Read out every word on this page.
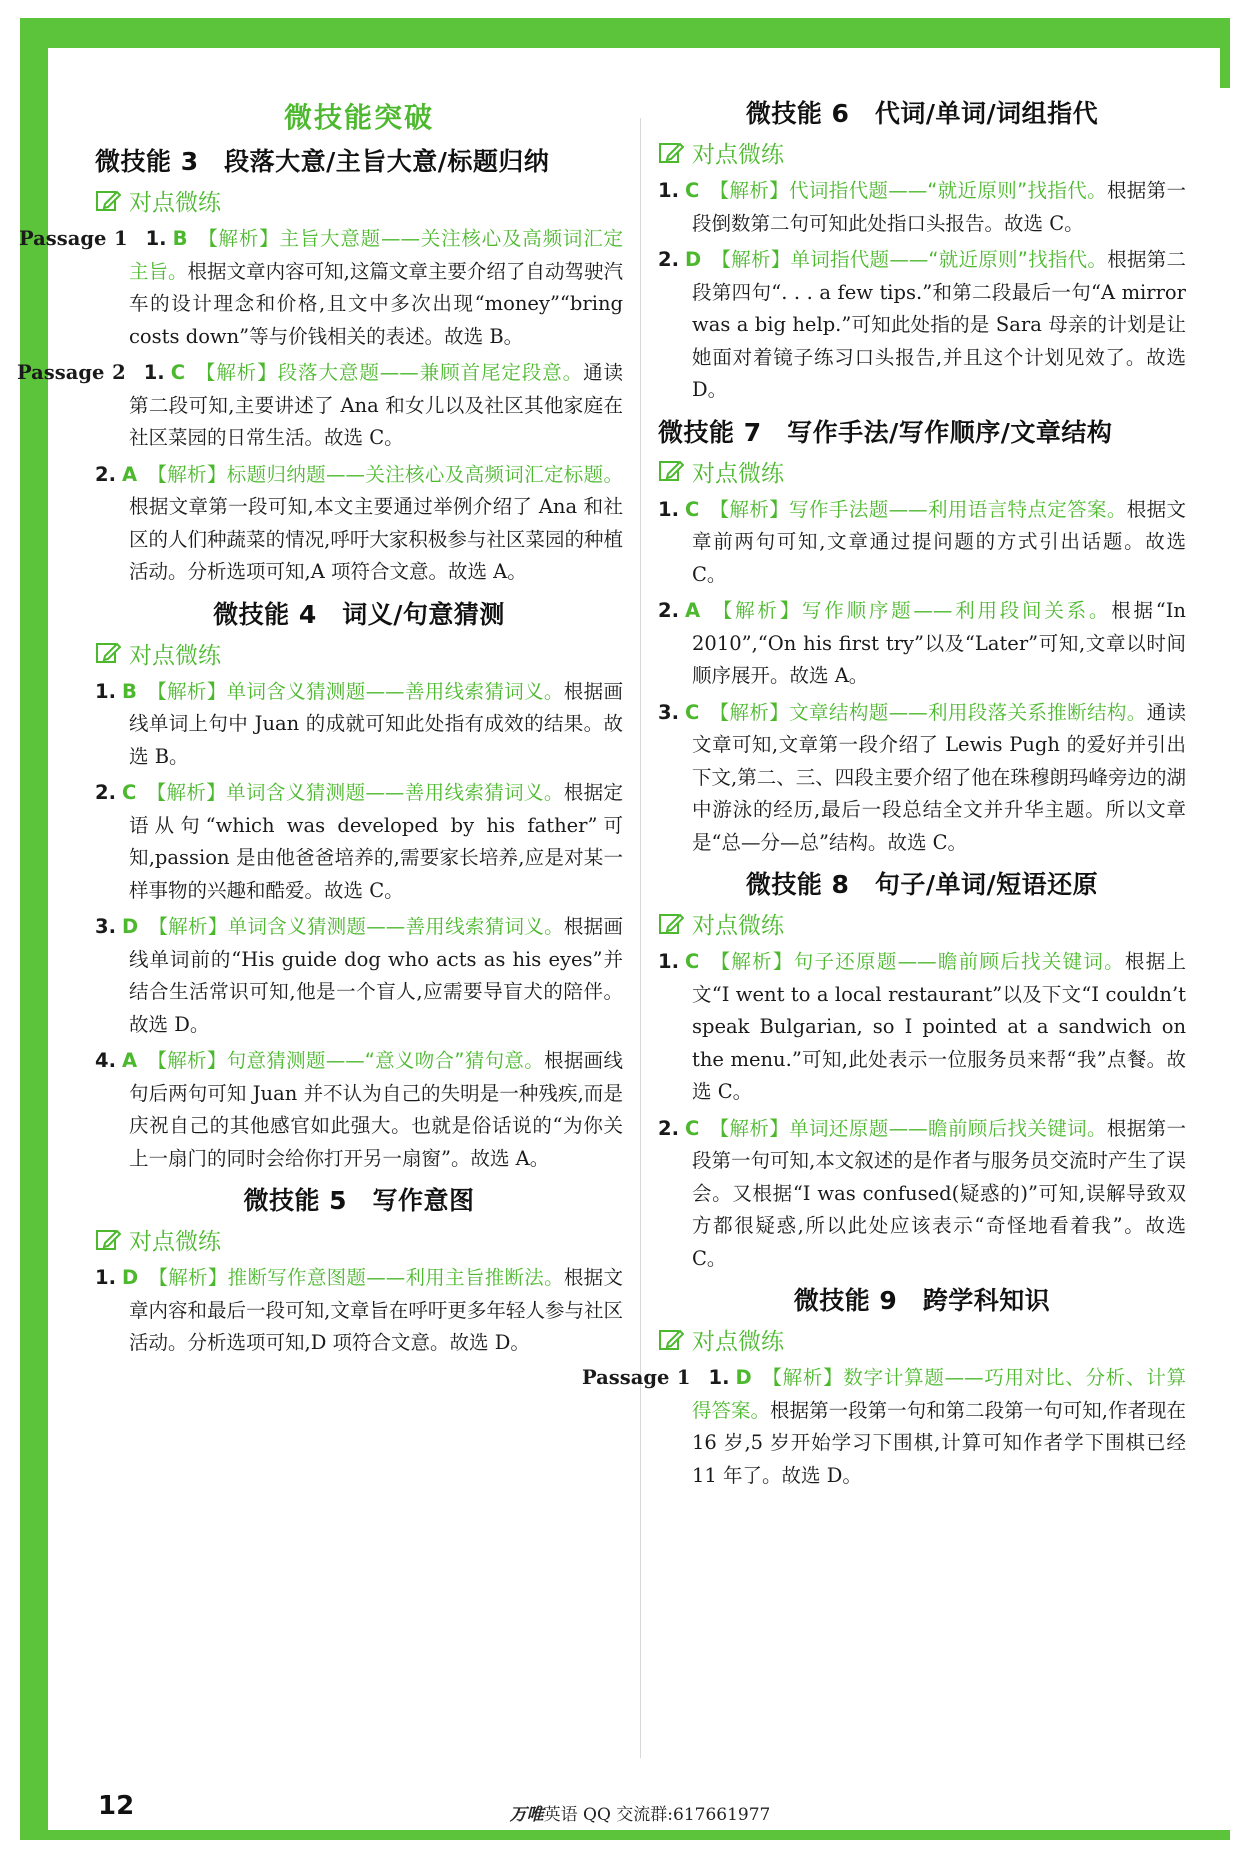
微技能突破
微技能 3　段落大意/主旨大意/标题归纳
对点微练
Passage 1 1. B 【解析】主旨大意题——关注核心及高频词汇定主旨。根据文章内容可知,这篇文章主要介绍了自动驾驶汽车的设计理念和价格,且文中多次出现“money”“bring costs down”等与价钱相关的表述。故选 B。
Passage 2 1. C 【解析】段落大意题——兼顾首尾定段意。通读第二段可知,主要讲述了 Ana 和女儿以及社区其他家庭在社区菜园的日常生活。故选 C。
2. A 【解析】标题归纳题——关注核心及高频词汇定标题。根据文章第一段可知,本文主要通过举例介绍了 Ana 和社区的人们种蔬菜的情况,呼吁大家积极参与社区菜园的种植活动。分析选项可知,A 项符合文意。故选 A。
微技能 4　词义/句意猜测
对点微练
1. B 【解析】单词含义猜测题——善用线索猜词义。根据画线单词上句中 Juan 的成就可知此处指有成效的结果。故选 B。
2. C 【解析】单词含义猜测题——善用线索猜词义。根据定语从句“which was developed by his father”可知,passion 是由他爸爸培养的,需要家长培养,应是对某一样事物的兴趣和酷爱。故选 C。
3. D 【解析】单词含义猜测题——善用线索猜词义。根据画线单词前的“His guide dog who acts as his eyes”并结合生活常识可知,他是一个盲人,应需要导盲犬的陪伴。故选 D。
4. A 【解析】句意猜测题——“意义吻合”猜句意。根据画线句后两句可知 Juan 并不认为自己的失明是一种残疾,而是庆祝自己的其他感官如此强大。也就是俗话说的“为你关上一扇门的同时会给你打开另一扇窗”。故选 A。
微技能 5　写作意图
对点微练
1. D 【解析】推断写作意图题——利用主旨推断法。根据文章内容和最后一段可知,文章旨在呼吁更多年轻人参与社区活动。分析选项可知,D 项符合文意。故选 D。
微技能 6　代词/单词/词组指代
对点微练
1. C 【解析】代词指代题——“就近原则”找指代。根据第一段倒数第二句可知此处指口头报告。故选 C。
2. D 【解析】单词指代题——“就近原则”找指代。根据第二段第四句“. . . a few tips.”和第二段最后一句“A mirror was a big help.”可知此处指的是 Sara 母亲的计划是让她面对着镜子练习口头报告,并且这个计划见效了。故选 D。
微技能 7　写作手法/写作顺序/文章结构
对点微练
1. C 【解析】写作手法题——利用语言特点定答案。根据文章前两句可知,文章通过提问题的方式引出话题。故选 C。
2. A 【解析】写作顺序题——利用段间关系。根据“In 2010”,“On his first try”以及“Later”可知,文章以时间顺序展开。故选 A。
3. C 【解析】文章结构题——利用段落关系推断结构。通读文章可知,文章第一段介绍了 Lewis Pugh 的爱好并引出下文,第二、三、四段主要介绍了他在珠穆朗玛峰旁边的湖中游泳的经历,最后一段总结全文并升华主题。所以文章是“总—分—总”结构。故选 C。
微技能 8　句子/单词/短语还原
对点微练
1. C 【解析】句子还原题——瞻前顾后找关键词。根据上文“I went to a local restaurant”以及下文“I couldn’t speak Bulgarian, so I pointed at a sandwich on the menu.”可知,此处表示一位服务员来帮“我”点餐。故选 C。
2. C 【解析】单词还原题——瞻前顾后找关键词。根据第一段第一句可知,本文叙述的是作者与服务员交流时产生了误会。又根据“I was confused(疑惑的)”可知,误解导致双方都很疑惑,所以此处应该表示“奇怪地看着我”。故选 C。
微技能 9　跨学科知识
对点微练
Passage 1 1. D 【解析】数字计算题——巧用对比、分析、计算得答案。根据第一段第一句和第二段第一句可知,作者现在 16 岁,5 岁开始学习下围棋,计算可知作者学下围棋已经 11 年了。故选 D。
12	万唯英语 QQ 交流群:617661977
